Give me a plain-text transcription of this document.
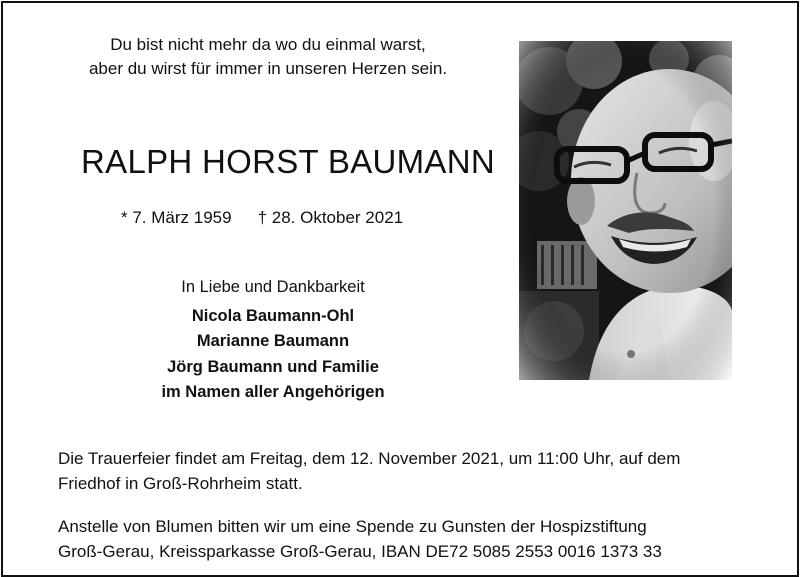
Du bist nicht mehr da wo du einmal warst,
aber du wirst für immer in unseren Herzen sein.
RALPH HORST BAUMANN
* 7. März 1959 † 28. Oktober 2021
In Liebe und Dankbarkeit
Nicola Baumann-Ohl
Marianne Baumann
Jörg Baumann und Familie
im Namen aller Angehörigen
Die Trauerfeier findet am Freitag, dem 12. November 2021, um 11:00 Uhr, auf dem
Friedhof in Groß-Rohrheim statt.
Anstelle von Blumen bitten wir um eine Spende zu Gunsten der Hospizstiftung
Groß-Gerau, Kreissparkasse Groß-Gerau, IBAN DE72 5085 2553 0016 1373 33
